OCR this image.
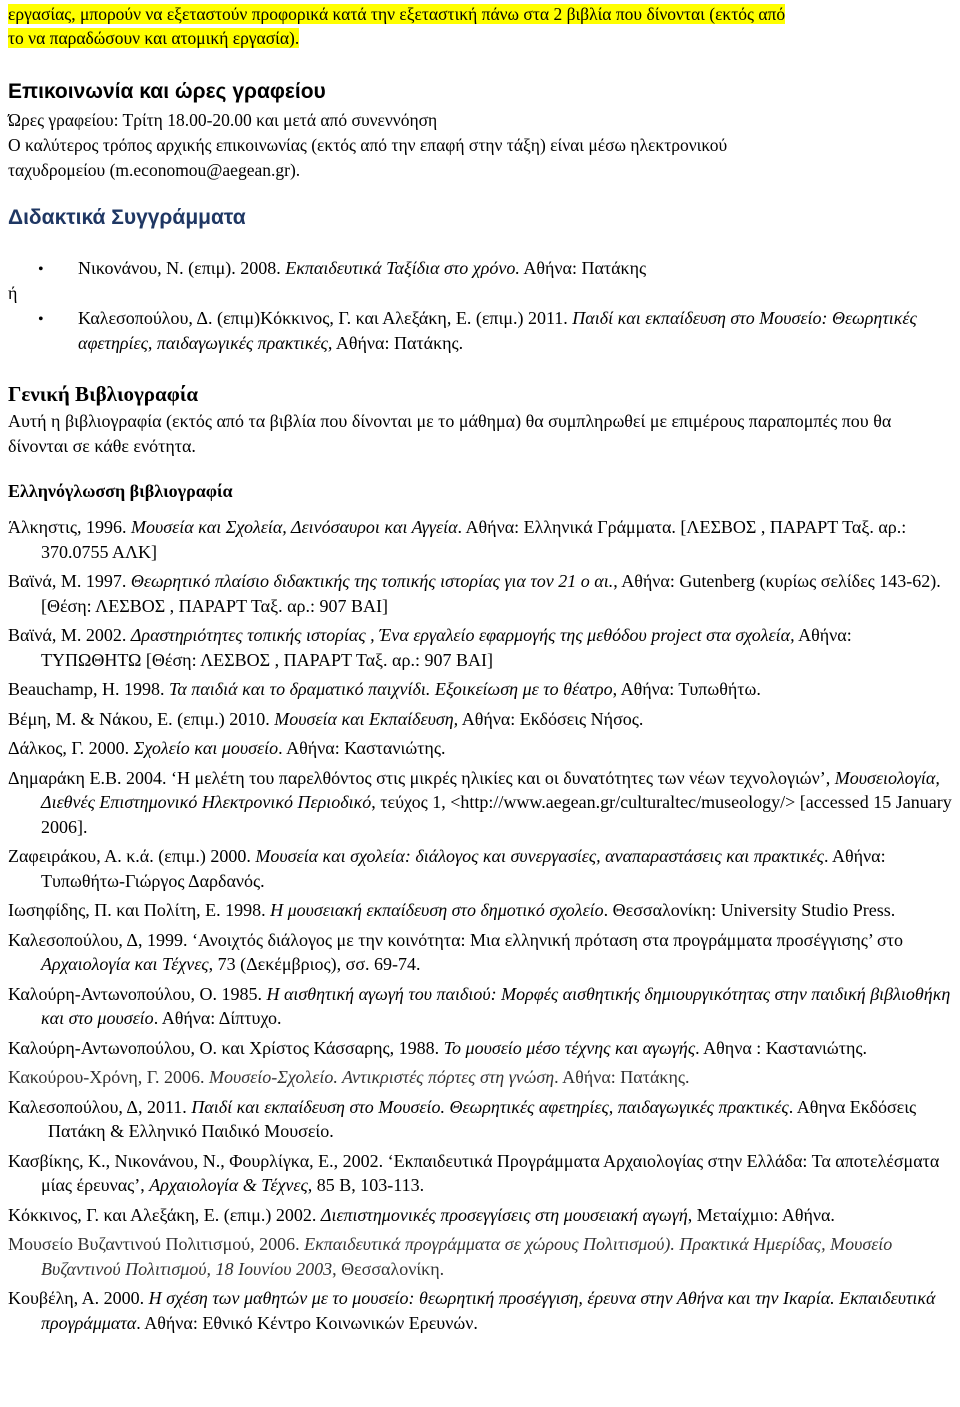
εργασίας, μπορούν να εξεταστούν προφορικά κατά την εξεταστική πάνω στα 2 βιβλία που δίνονται (εκτός από

το να παραδώσουν και ατομική εργασία).

Επικοινωνία και ώρες γραφείου

Ώρες γραφείου: Τρίτη 18.00-20.00 και μετά από συνεννόηση

Ο καλύτερος τρόπος αρχικής επικοινωνίας (εκτός από την επαφή στην τάξη) είναι μέσω ηλεκτρονικού

ταχυδρομείου (m.economou@aegean.gr).

Διδακτικά Συγγράμματα

• Νικονάνου, Ν. (επιμ). 2008. Εκπαιδευτικά Ταξίδια στο χρόνο. Αθήνα: Πατάκης

ή

• Καλεσοπούλου, Δ. (επιμ)Κόκκινος, Γ. και Αλεξάκη, Ε. (επιμ.) 2011. Παιδί και εκπαίδευση στο Μουσείο: Θεωρητικές αφετηρίες, παιδαγωγικές πρακτικές, Αθήνα: Πατάκης.

Γενική Βιβλιογραφία

Αυτή η βιβλιογραφία (εκτός από τα βιβλία που δίνονται με το μάθημα) θα συμπληρωθεί με επιμέρους παραπομπές που θα δίνονται σε κάθε ενότητα.

Ελληνόγλωσση βιβλιογραφία

Άλκηστις, 1996. Μουσεία και Σχολεία, Δεινόσαυροι και Αγγεία. Αθήνα: Ελληνικά Γράμματα. [ΛΕΣΒΟΣ , ΠΑΡΑΡΤ Ταξ. αρ.: 370.0755 ΑΛΚ]

Βαϊνά, Μ. 1997. Θεωρητικό πλαίσιο διδακτικής της τοπικής ιστορίας για τον 21 ο αι., Αθήνα: Gutenberg (κυρίως σελίδες 143-62). [Θέση: ΛΕΣΒΟΣ , ΠΑΡΑΡΤ Ταξ. αρ.: 907 ΒΑΙ]

Βαϊνά, Μ. 2002. Δραστηριότητες τοπικής ιστορίας , Ένα εργαλείο εφαρμογής της μεθόδου project στα σχολεία, Αθήνα: ΤΥΠΩΘΗΤΩ [Θέση: ΛΕΣΒΟΣ , ΠΑΡΑΡΤ Ταξ. αρ.: 907 ΒΑΙ]

Beauchamp, H. 1998. Τα παιδιά και το δραματικό παιχνίδι. Εξοικείωση με το θέατρο, Αθήνα: Τυπωθήτω.

Βέμη, Μ. & Νάκου, Ε. (επιμ.) 2010. Μουσεία και Εκπαίδευση, Αθήνα: Εκδόσεις Νήσος.

Δάλκος, Γ. 2000. Σχολείο και μουσείο. Αθήνα: Καστανιώτης.

Δημαράκη Ε.Β. 2004. ‘Η μελέτη του παρελθόντος στις μικρές ηλικίες και οι δυνατότητες των νέων τεχνολογιών’, Μουσειολογία, Διεθνές Επιστημονικό Ηλεκτρονικό Περιοδικό, τεύχος 1, <http://www.aegean.gr/culturaltec/museology/> [accessed 15 January 2006].

Ζαφειράκου, Α. κ.ά. (επιμ.) 2000. Μουσεία και σχολεία: διάλογος και συνεργασίες, αναπαραστάσεις και πρακτικές. Αθήνα: Τυπωθήτω-Γιώργος Δαρδανός.

Ιωσηφίδης, Π. και Πολίτη, Ε. 1998. Η μουσειακή εκπαίδευση στο δημοτικό σχολείο. Θεσσαλονίκη: University Studio Press.

Καλεσοπούλου, Δ, 1999. ‘Ανοιχτός διάλογος με την κοινότητα: Μια ελληνική πρόταση στα προγράμματα προσέγγισης’ στο Αρχαιολογία και Τέχνες, 73 (Δεκέμβριος), σσ. 69-74.

Καλούρη-Αντωνοπούλου, Ο. 1985. Η αισθητική αγωγή του παιδιού: Μορφές αισθητικής δημιουργικότητας στην παιδική βιβλιοθήκη και στο μουσείο. Αθήνα: Δίπτυχο.

Καλούρη-Αντωνοπούλου, Ο. και Χρίστος Κάσσαρης, 1988. Το μουσείο μέσο τέχνης και αγωγής. Αθηνα : Καστανιώτης.

Κακούρου-Χρόνη, Γ. 2006. Μουσείο-Σχολείο. Αντικριστές πόρτες στη γνώση. Αθήνα: Πατάκης.

Καλεσοπούλου, Δ, 2011. Παιδί και εκπαίδευση στο Μουσείο. Θεωρητικές αφετηρίες, παιδαγωγικές πρακτικές. Αθηνα Εκδόσεις Πατάκη & Ελληνικό Παιδικό Μουσείο.

Κασβίκης, Κ., Νικονάνου, Ν., Φουρλίγκα, Ε., 2002. ‘Εκπαιδευτικά Προγράμματα Αρχαιολογίας στην Ελλάδα: Τα αποτελέσματα μίας έρευνας’, Αρχαιολογία & Τέχνες, 85 Β, 103-113.

Κόκκινος, Γ. και Αλεξάκη, Ε. (επιμ.) 2002. Διεπιστημονικές προσεγγίσεις στη μουσειακή αγωγή, Μεταίχμιο: Αθήνα.

Μουσείο Βυζαντινού Πολιτισμού, 2006. Εκπαιδευτικά προγράμματα σε χώρους Πολιτισμού). Πρακτικά Ημερίδας, Μουσείο Βυζαντινού Πολιτισμού, 18 Ιουνίου 2003, Θεσσαλονίκη.

Κουβέλη, Α. 2000. Η σχέση των μαθητών με το μουσείο: θεωρητική προσέγγιση, έρευνα στην Αθήνα και την Ικαρία. Εκπαιδευτικά προγράμματα. Αθήνα: Εθνικό Κέντρο Κοινωνικών Ερευνών.
